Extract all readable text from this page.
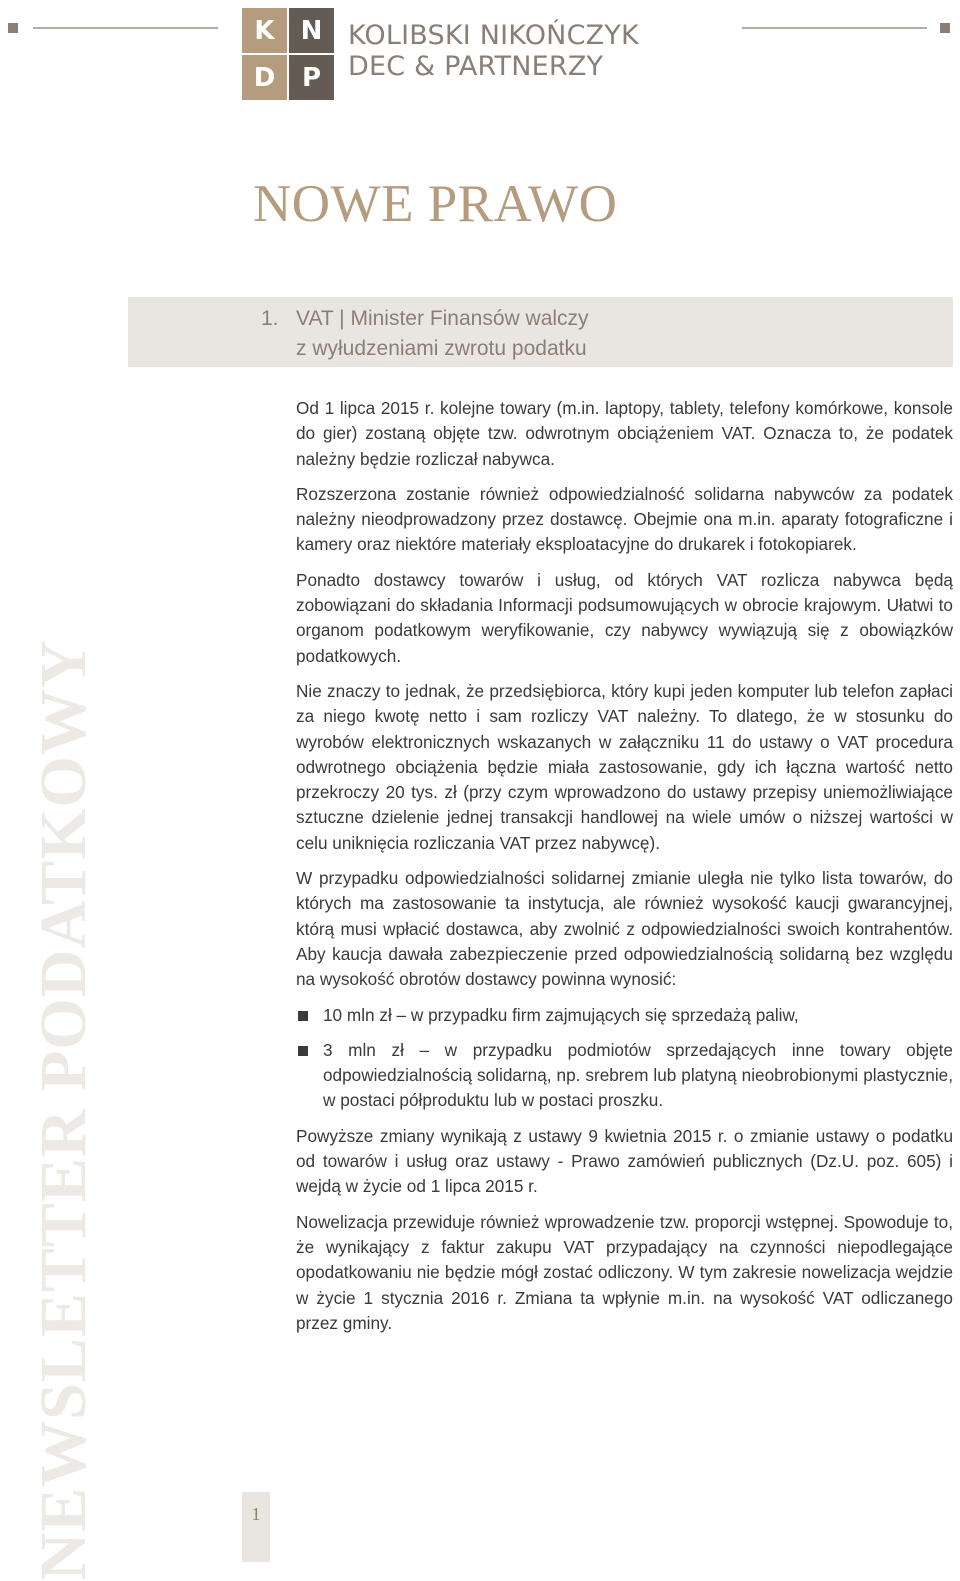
K	N
D	P
KOLIBSKI NIKOŃCZYK
DEC & PARTNERZY
NOWE PRAWO
NEWSLETTER PODATKOWY
1. VAT | Minister Finansów walczy
z wyłudzeniami zwrotu podatku

Od 1 lipca 2015 r. kolejne towary (m.in. laptopy, tablety, telefony komórkowe, konsole do gier) zostaną objęte tzw. odwrotnym obciążeniem VAT. Oznacza to, że podatek należny będzie rozliczał nabywca.

Rozszerzona zostanie również odpowiedzialność solidarna nabywców za podatek należny nieodprowadzony przez dostawcę. Obejmie ona m.in. aparaty fotograficzne i kamery oraz niektóre materiały eksploatacyjne do drukarek i fotokopiarek.

Ponadto dostawcy towarów i usług, od których VAT rozlicza nabywca będą zobowiązani do składania Informacji podsumowujących w obrocie krajowym. Ułatwi to organom podatkowym weryfikowanie, czy nabywcy wywiązują się z obowiązków podatkowych.

Nie znaczy to jednak, że przedsiębiorca, który kupi jeden komputer lub telefon zapłaci za niego kwotę netto i sam rozliczy VAT należny. To dlatego, że w stosunku do wyrobów elektronicznych wskazanych w załączniku 11 do ustawy o VAT procedura odwrotnego obciążenia będzie miała zastosowanie, gdy ich łączna wartość netto przekroczy 20 tys. zł (przy czym wprowadzono do ustawy przepisy uniemożliwiające sztuczne dzielenie jednej transakcji handlowej na wiele umów o niższej wartości w celu uniknięcia rozliczania VAT przez nabywcę).

W przypadku odpowiedzialności solidarnej zmianie uległa nie tylko lista towarów, do których ma zastosowanie ta instytucja, ale również wysokość kaucji gwarancyjnej, którą musi wpłacić dostawca, aby zwolnić z odpowiedzialności swoich kontrahentów. Aby kaucja dawała zabezpieczenie przed odpowiedzialnością solidarną bez względu na wysokość obrotów dostawcy powinna wynosić:

10 mln zł – w przypadku firm zajmujących się sprzedażą paliw,
3 mln zł – w przypadku podmiotów sprzedających inne towary objęte odpowiedzialnością solidarną, np. srebrem lub platyną nieobrobionymi plastycznie, w postaci półproduktu lub w postaci proszku.

Powyższe zmiany wynikają z ustawy 9 kwietnia 2015 r. o zmianie ustawy o podatku od towarów i usług oraz ustawy - Prawo zamówień publicznych (Dz.U. poz. 605) i wejdą w życie od 1 lipca 2015 r.

Nowelizacja przewiduje również wprowadzenie tzw. proporcji wstępnej. Spowoduje to, że wynikający z faktur zakupu VAT przypadający na czynności niepodlegające opodatkowaniu nie będzie mógł zostać odliczony. W tym zakresie nowelizacja wejdzie w życie 1 stycznia 2016 r. Zmiana ta wpłynie m.in. na wysokość VAT odliczanego przez gminy.

1
